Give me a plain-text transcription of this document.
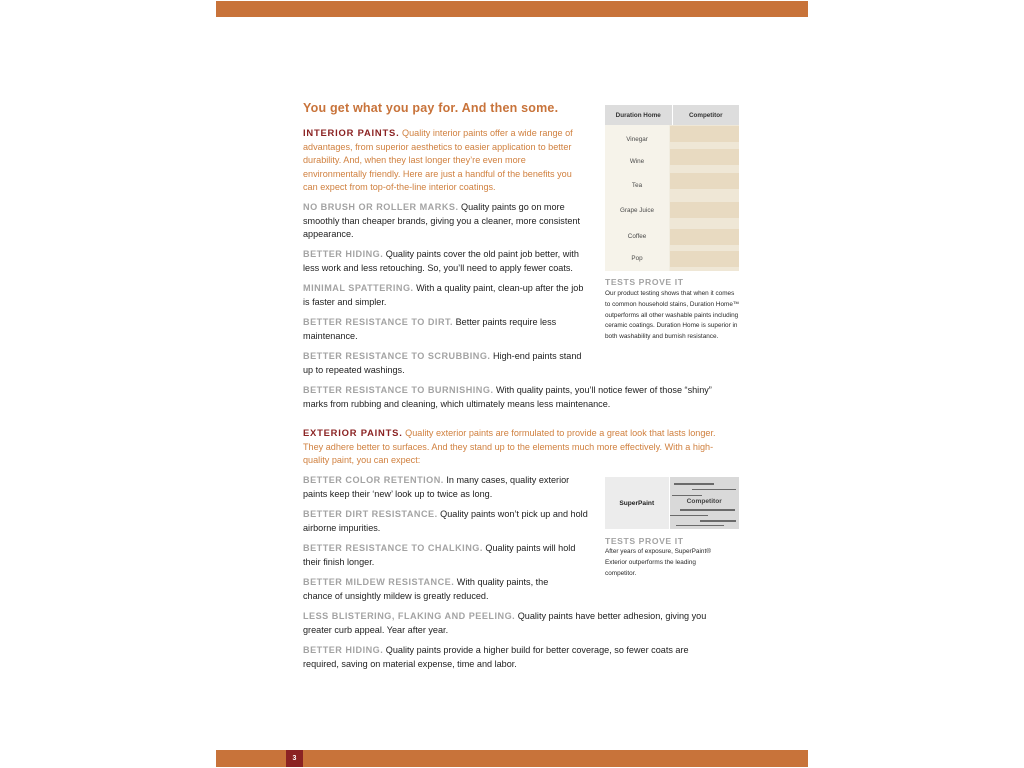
You get what you pay for. And then some.

INTERIOR PAINTS. Quality interior paints offer a wide range of advantages, from superior aesthetics to easier application to better durability. And, when they last longer they’re even more environmentally friendly. Here are just a handful of the benefits you can expect from top-of-the-line interior coatings.

NO BRUSH OR ROLLER MARKS. Quality paints go on more smoothly than cheaper brands, giving you a cleaner, more consistent appearance.

BETTER HIDING. Quality paints cover the old paint job better, with less work and less retouching. So, you’ll need to apply fewer coats.

MINIMAL SPATTERING. With a quality paint, clean-up after the job is faster and simpler.

BETTER RESISTANCE TO DIRT. Better paints require less maintenance.

BETTER RESISTANCE TO SCRUBBING. High-end paints stand up to repeated washings.

BETTER RESISTANCE TO BURNISHING. With quality paints, you’ll notice fewer of those “shiny” marks from rubbing and cleaning, which ultimately means less maintenance.

Duration Home	Competitor
Vinegar
Wine
Tea
Grape Juice
Coffee
Pop

TESTS PROVE IT

Our product testing shows that when it comes to common household stains, Duration Home™ outperforms all other washable paints including ceramic coatings. Duration Home is superior in both washability and burnish resistance.

EXTERIOR PAINTS. Quality exterior paints are formulated to provide a great look that lasts longer. They adhere better to surfaces. And they stand up to the elements much more effectively. With a high-quality paint, you can expect:

BETTER COLOR RETENTION. In many cases, quality exterior paints keep their ‘new’ look up to twice as long.

BETTER DIRT RESISTANCE. Quality paints won’t pick up and hold airborne impurities.

BETTER RESISTANCE TO CHALKING. Quality paints will hold their finish longer.

BETTER MILDEW RESISTANCE. With quality paints, the chance of unsightly mildew is greatly reduced.

LESS BLISTERING, FLAKING AND PEELING. Quality paints have better adhesion, giving you greater curb appeal. Year after year.

BETTER HIDING. Quality paints provide a higher build for better coverage, so fewer coats are required, saving on material expense, time and labor.

SuperPaint	Competitor

TESTS PROVE IT

After years of exposure, SuperPaint® Exterior outperforms the leading competitor.

3
